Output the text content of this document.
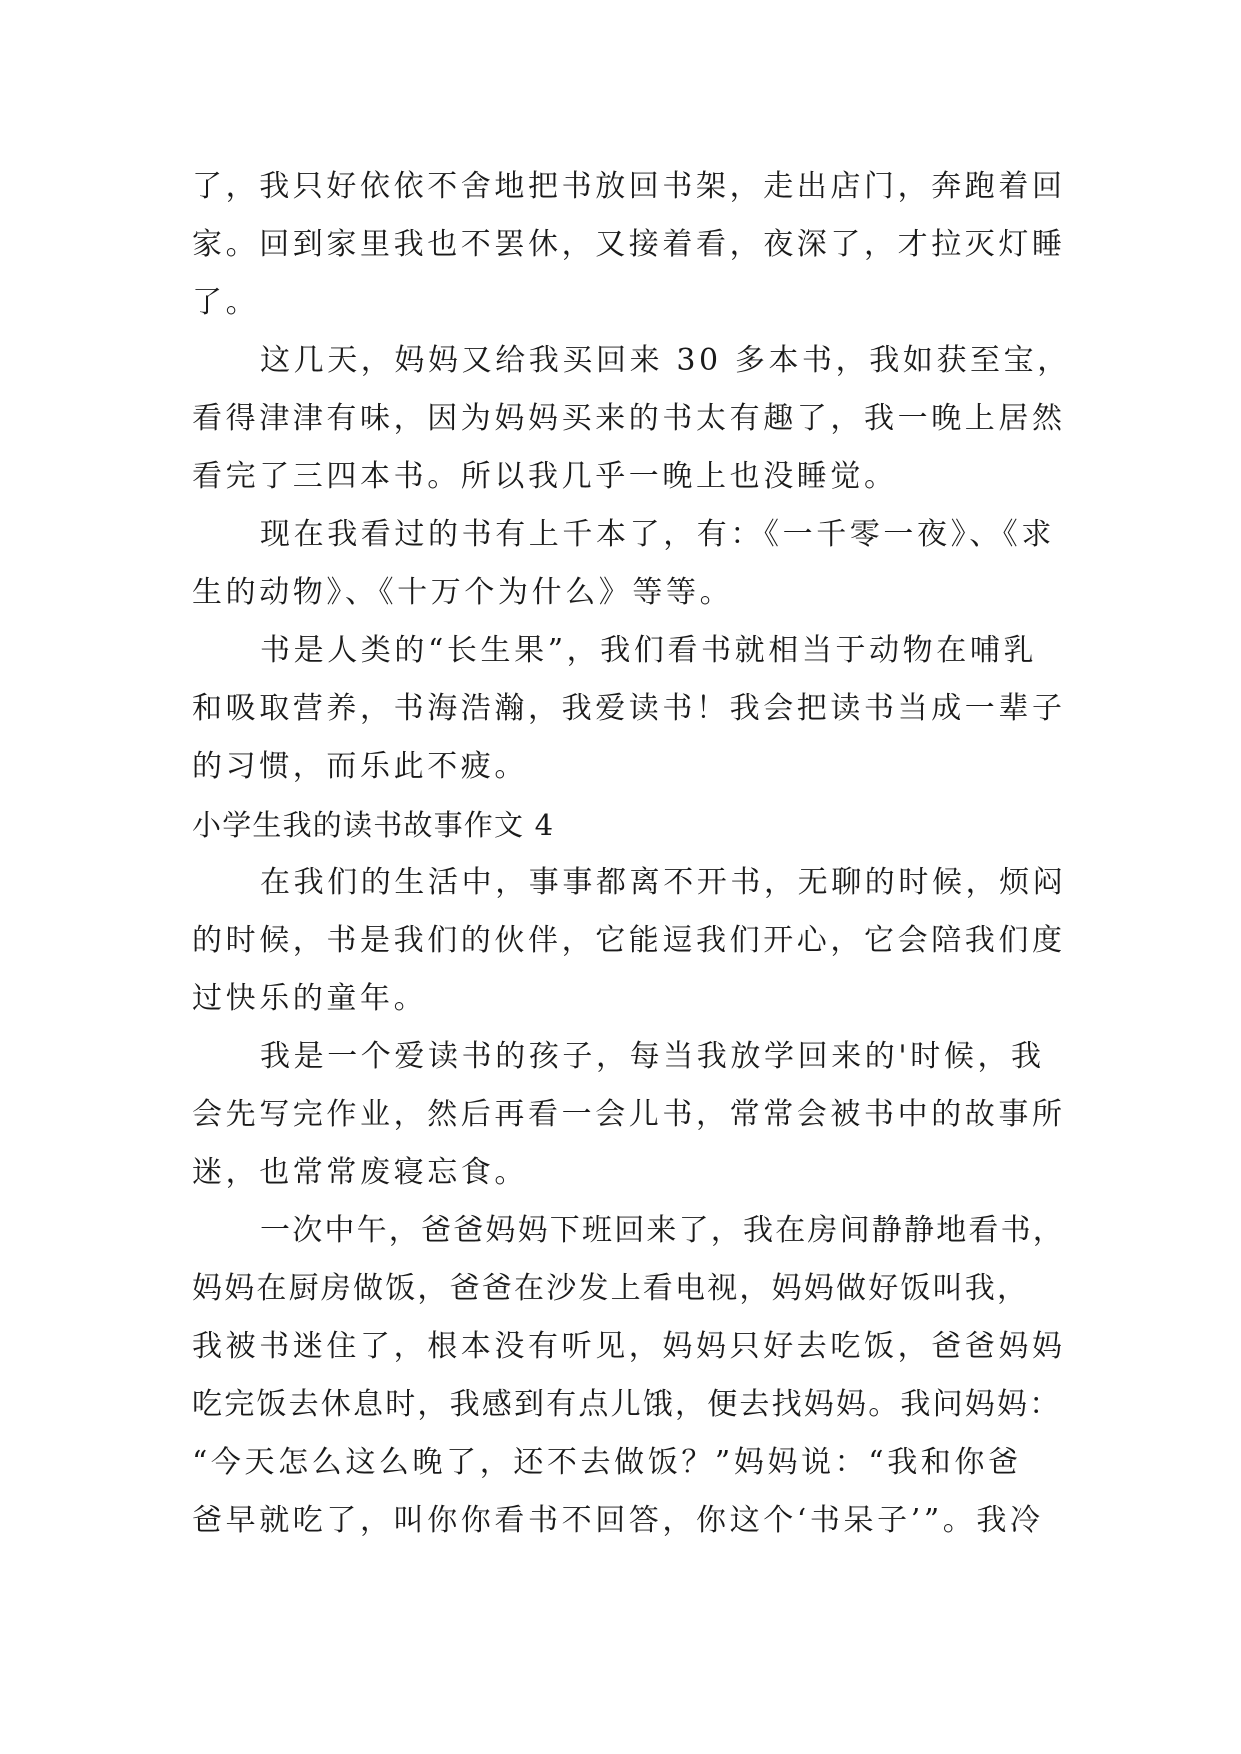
了，我只好依依不舍地把书放回书架，走出店门，奔跑着回
家。回到家里我也不罢休，又接着看，夜深了，才拉灭灯睡
了。
这几天，妈妈又给我买回来 30 多本书，我如获至宝，
看得津津有味，因为妈妈买来的书太有趣了，我一晚上居然
看完了三四本书。所以我几乎一晚上也没睡觉。
现在我看过的书有上千本了，有：《一千零一夜》、《求
生的动物》、《十万个为什么》等等。
书是人类的“长生果”，我们看书就相当于动物在哺乳
和吸取营养，书海浩瀚，我爱读书！我会把读书当成一辈子
的习惯，而乐此不疲。
小学生我的读书故事作文 4
在我们的生活中，事事都离不开书，无聊的时候，烦闷
的时候，书是我们的伙伴，它能逗我们开心，它会陪我们度
过快乐的童年。
我是一个爱读书的孩子，每当我放学回来的'时候，我
会先写完作业，然后再看一会儿书，常常会被书中的故事所
迷，也常常废寝忘食。
一次中午，爸爸妈妈下班回来了，我在房间静静地看书，
妈妈在厨房做饭，爸爸在沙发上看电视，妈妈做好饭叫我，
我被书迷住了，根本没有听见，妈妈只好去吃饭，爸爸妈妈
吃完饭去休息时，我感到有点儿饿，便去找妈妈。我问妈妈：
“今天怎么这么晚了，还不去做饭？”妈妈说：“我和你爸
爸早就吃了，叫你你看书不回答，你这个‘书呆子’”。我冷
